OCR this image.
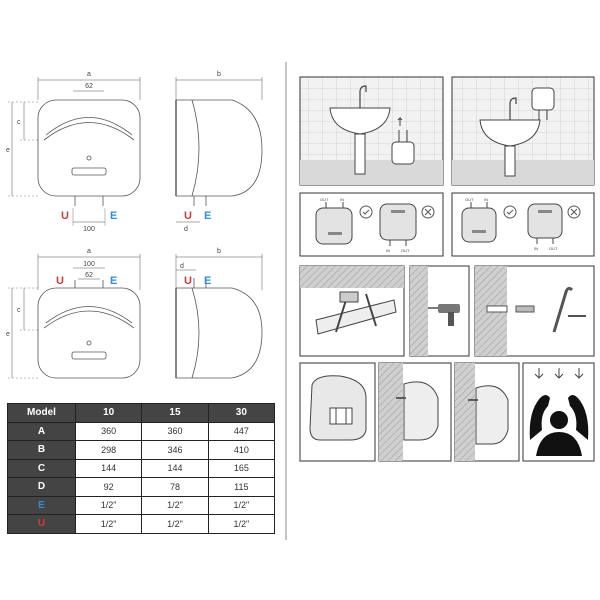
a
62
e
c
100
U	E
b
d
U E
a
100
62
e
c
U	E
b
d
U E
OUT	IN
IN	OUT
OUT	IN
IN	OUT
Model	10	15	30
A	360	360	447
B	298	346	410
C	144	144	165
D	92	78	115
E	1/2"	1/2"	1/2"
U	1/2"	1/2"	1/2"
